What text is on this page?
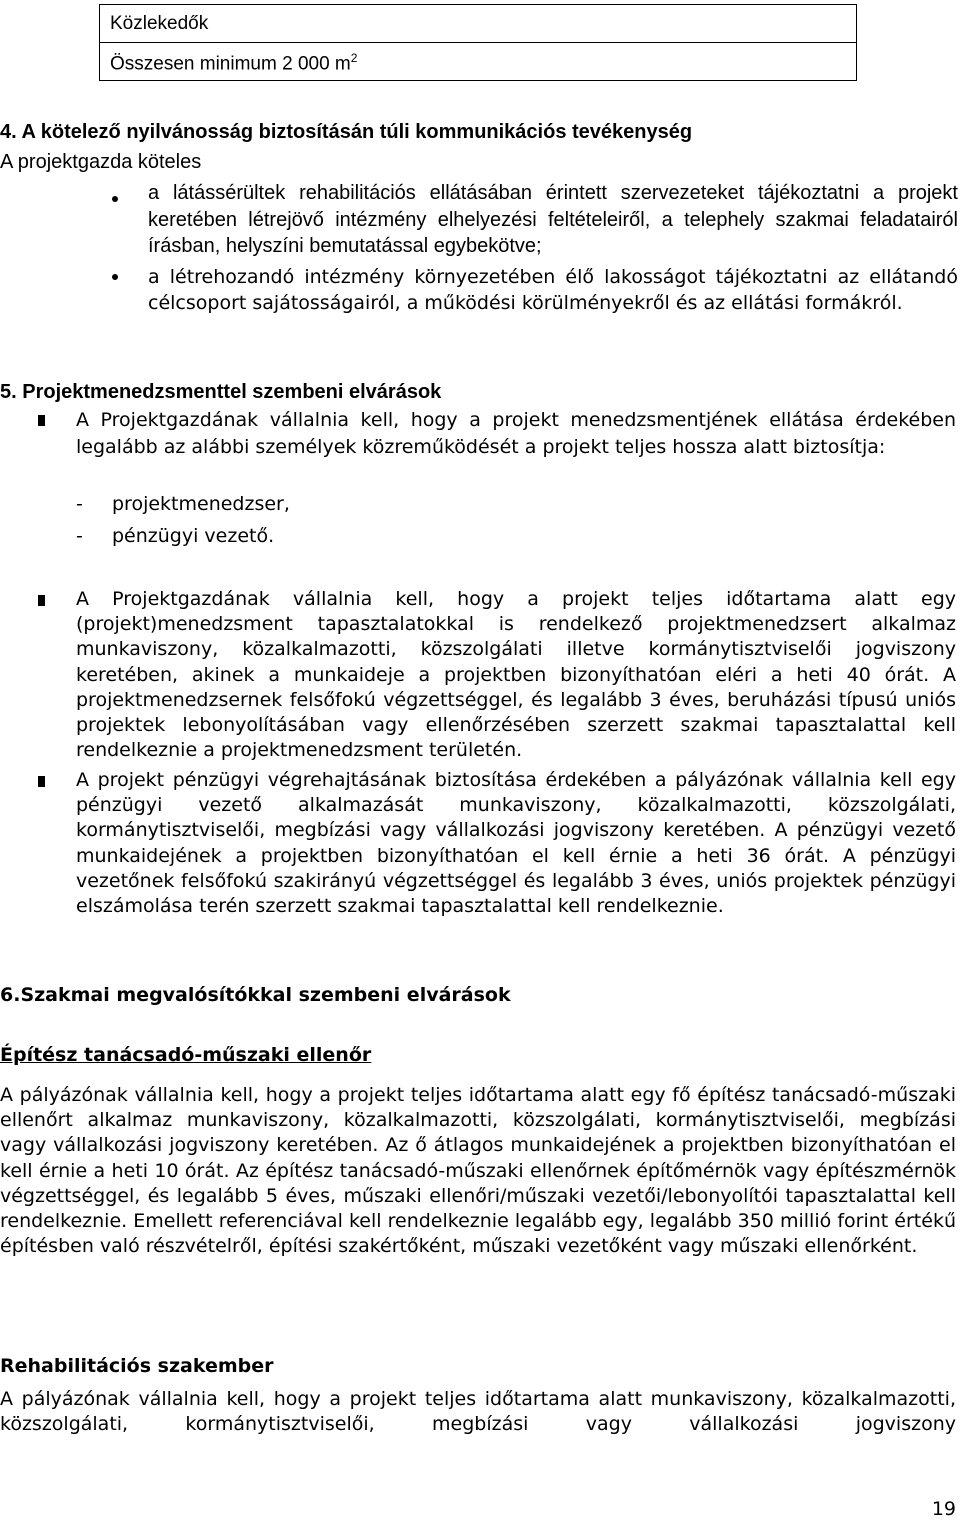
Közlekedők
Összesen minimum 2 000 $m^2$
4. A kötelező nyilvánosság biztosításán túli kommunikációs tevékenység
A projektgazda köteles

a látássérültek rehabilitációs ellátásában érintett szervezeteket tájékoztatni a projekt keretében létrejövő intézmény elhelyezési feltételeiről, a telephely szakmai feladatairól írásban, helyszíni bemutatással egybekötve;

a létrehozandó intézmény környezetében élő lakosságot tájékoztatni az ellátandó célcsoport sajátosságairól, a működési körülményekről és az ellátási formákról.

5. Projektmenedzsmenttel szembeni elvárások

A Projektgazdának vállalnia kell, hogy a projekt menedzsmentjének ellátása érdekében legalább az alábbi személyek közreműködését a projekt teljes hossza alatt biztosítja:

- projektmenedzser,
- pénzügyi vezető.

A Projektgazdának vállalnia kell, hogy a projekt teljes időtartama alatt egy (projekt)menedzsment tapasztalatokkal is rendelkező projektmenedzsert alkalmaz munkaviszony, közalkalmazotti, közszolgálati illetve kormánytisztviselői jogviszony keretében, akinek a munkaideje a projektben bizonyíthatóan eléri a heti 40 órát. A projektmenedzsernek felsőfokú végzettséggel, és legalább 3 éves, beruházási típusú uniós projektek lebonyolításában vagy ellenőrzésében szerzett szakmai tapasztalattal kell rendelkeznie a projektmenedzsment területén.

A projekt pénzügyi végrehajtásának biztosítása érdekében a pályázónak vállalnia kell egy pénzügyi vezető alkalmazását munkaviszony, közalkalmazotti, közszolgálati, kormánytisztviselői, megbízási vagy vállalkozási jogviszony keretében. A pénzügyi vezető munkaidejének a projektben bizonyíthatóan el kell érnie a heti 36 órát. A pénzügyi vezetőnek felsőfokú szakirányú végzettséggel és legalább 3 éves, uniós projektek pénzügyi elszámolása terén szerzett szakmai tapasztalattal kell rendelkeznie.

6.Szakmai megvalósítókkal szembeni elvárások
Építész tanácsadó-műszaki ellenőr

A pályázónak vállalnia kell, hogy a projekt teljes időtartama alatt egy fő építész tanácsadó-műszaki ellenőrt alkalmaz munkaviszony, közalkalmazotti, közszolgálati, kormánytisztviselői, megbízási vagy vállalkozási jogviszony keretében. Az ő átlagos munkaidejének a projektben bizonyíthatóan el kell érnie a heti 10 órát. Az építész tanácsadó-műszaki ellenőrnek építőmérnök vagy építészmérnök végzettséggel, és legalább 5 éves, műszaki ellenőri/műszaki vezetői/lebonyolítói tapasztalattal kell rendelkeznie. Emellett referenciával kell rendelkeznie legalább egy, legalább 350 millió forint értékű építésben való részvételről, építési szakértőként, műszaki vezetőként vagy műszaki ellenőrként.

Rehabilitációs szakember

A pályázónak vállalnia kell, hogy a projekt teljes időtartama alatt munkaviszony, közalkalmazotti, közszolgálati, kormánytisztviselői, megbízási vagy vállalkozási jogviszony

19
